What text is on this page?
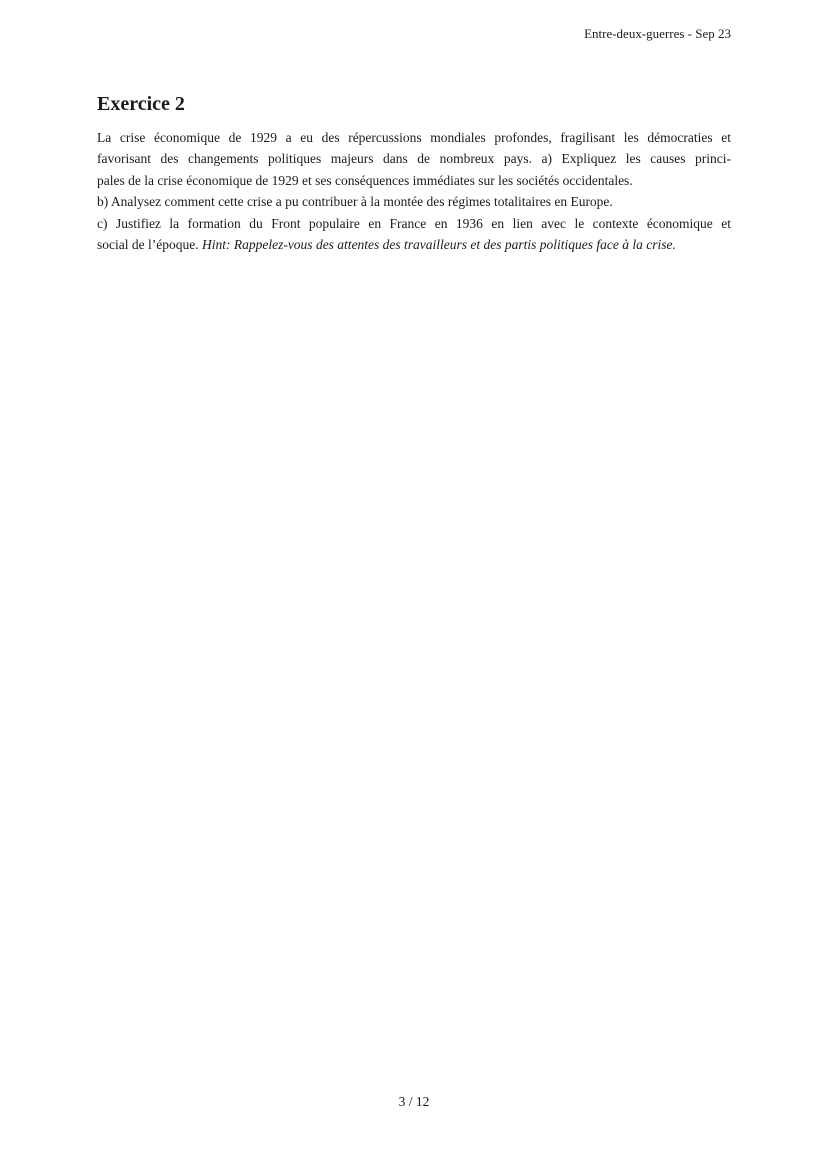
Entre-deux-guerres - Sep 23
Exercice 2
La crise économique de 1929 a eu des répercussions mondiales profondes, fragilisant les démocraties et
favorisant des changements politiques majeurs dans de nombreux pays. a) Expliquez les causes princi-
pales de la crise économique de 1929 et ses conséquences immédiates sur les sociétés occidentales.
b) Analysez comment cette crise a pu contribuer à la montée des régimes totalitaires en Europe.
c) Justifiez la formation du Front populaire en France en 1936 en lien avec le contexte économique et
social de l’époque. Hint: Rappelez-vous des attentes des travailleurs et des partis politiques face à la crise.
3 / 12
